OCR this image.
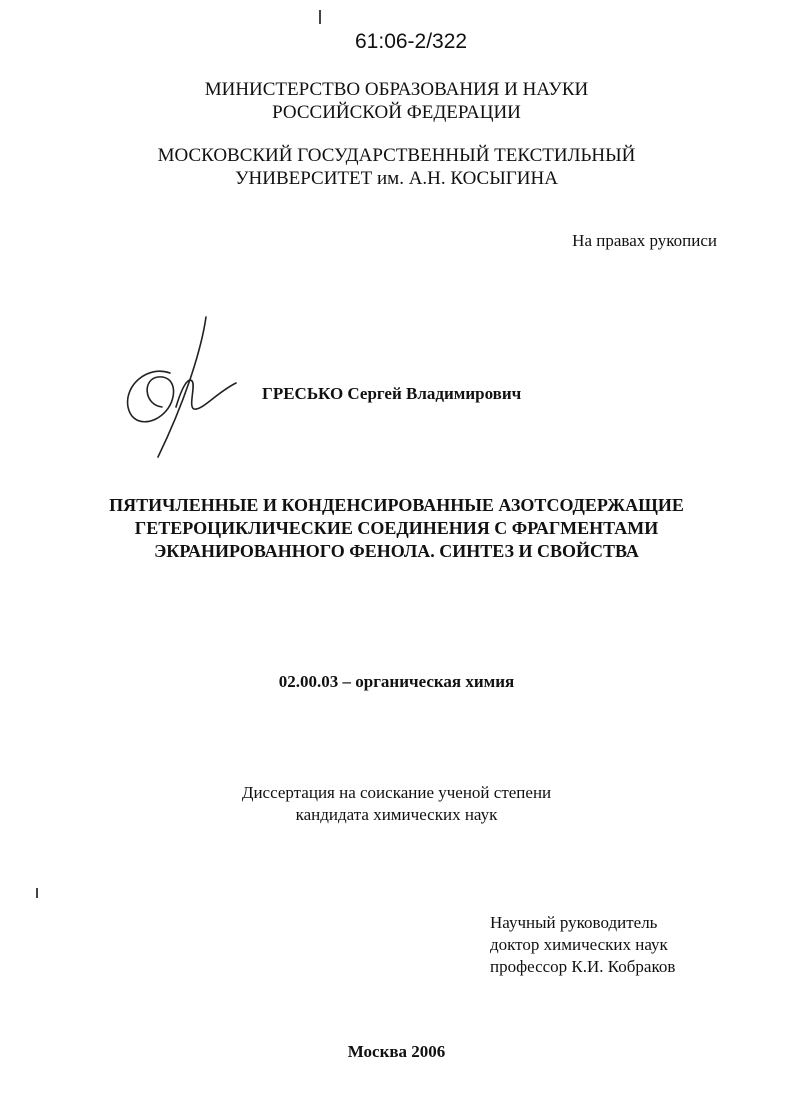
61:06-2/322
МИНИСТЕРСТВО ОБРАЗОВАНИЯ И НАУКИ
РОССИЙСКОЙ ФЕДЕРАЦИИ
МОСКОВСКИЙ ГОСУДАРСТВЕННЫЙ ТЕКСТИЛЬНЫЙ
УНИВЕРСИТЕТ им. А.Н. КОСЫГИНА
На правах рукописи
ГРЕСЬКО Сергей Владимирович
ПЯТИЧЛЕННЫЕ И КОНДЕНСИРОВАННЫЕ АЗОТСОДЕРЖАЩИЕ
ГЕТЕРОЦИКЛИЧЕСКИЕ СОЕДИНЕНИЯ С ФРАГМЕНТАМИ
ЭКРАНИРОВАННОГО ФЕНОЛА. СИНТЕЗ И СВОЙСТВА
02.00.03 – органическая химия
Диссертация на соискание ученой степени
кандидата химических наук
Научный руководитель
доктор химических наук
профессор К.И. Кобраков
Москва 2006
